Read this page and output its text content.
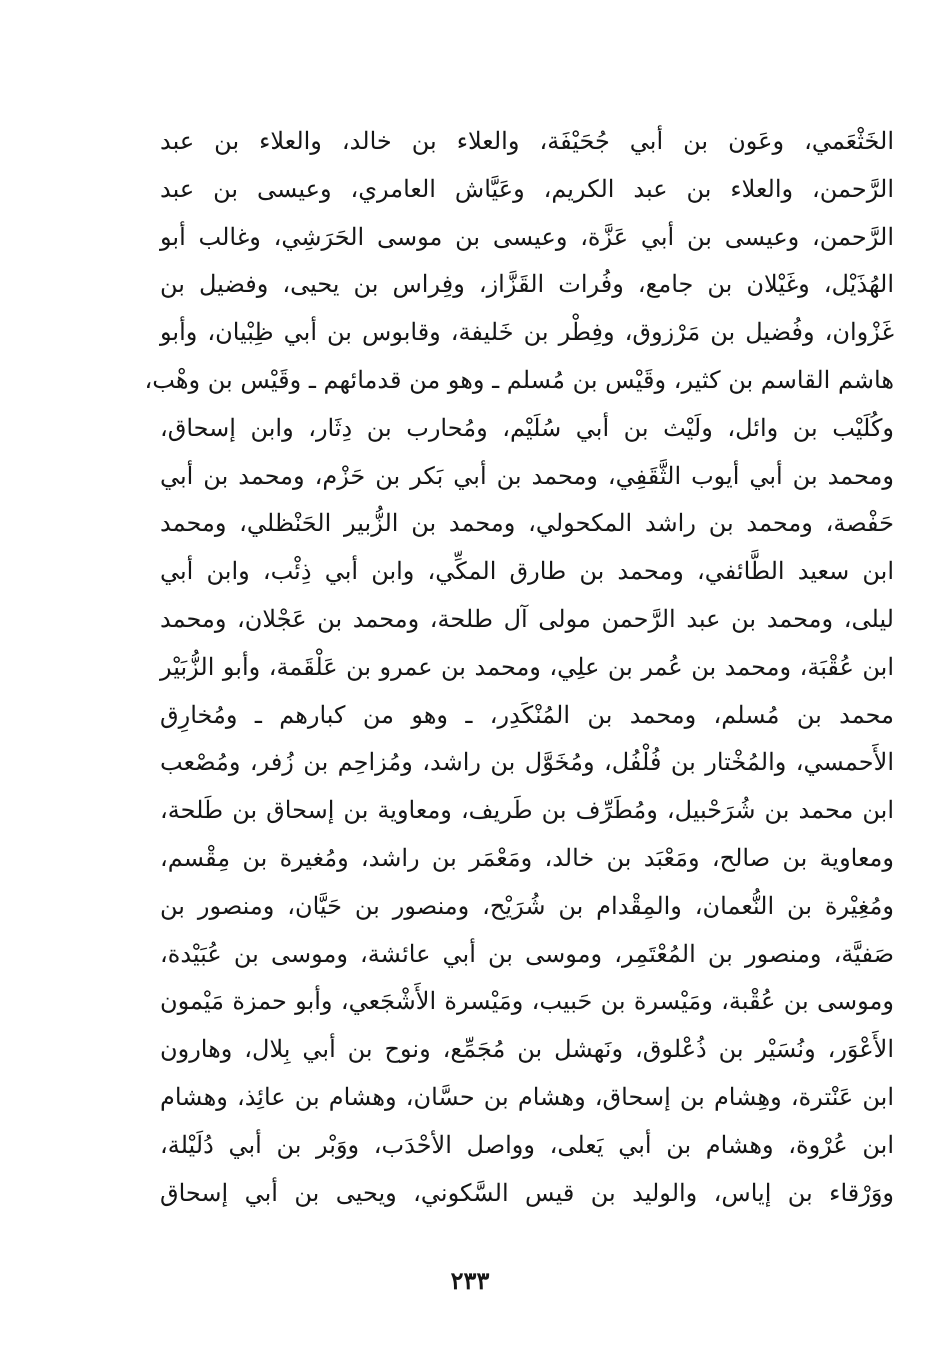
الخَثْعَمي، وعَون بن أبي جُحَيْفَة، والعلاء بن خالد، والعلاء بن عبد
الرَّحمن، والعلاء بن عبد الكريم، وعَيَّاش العامري، وعيسى بن عبد
الرَّحمن، وعيسى بن أبي عَزَّة، وعيسى بن موسى الحَرَشِي، وغالب أبو
الهُذَيْل، وغَيْلان بن جامع، وفُرات القَزَّاز، وفِراس بن يحيى، وفضيل بن
غَزْوان، وفُضيل بن مَرْزوق، وفِطْر بن خَليفة، وقابوس بن أبي ظِبْيان، وأبو
هاشم القاسم بن كثير، وقَيْس بن مُسلم ـ وهو من قدمائهم ـ وقَيْس بن وهْب،
وكُلَيْب بن وائل، ولَيْث بن أبي سُلَيْم، ومُحارب بن دِثَار، وابن إسحاق،
ومحمد بن أبي أيوب الثَّقَفِي، ومحمد بن أبي بَكر بن حَزْم، ومحمد بن أبي
حَفْصة، ومحمد بن راشد المكحولي، ومحمد بن الزُّبير الحَنْظلي، ومحمد
ابن سعيد الطَّائفي، ومحمد بن طارق المكِّي، وابن أبي ذِئْب، وابن أبي
ليلى، ومحمد بن عبد الرَّحمن مولى آل طلحة، ومحمد بن عَجْلان، ومحمد
ابن عُقْبَة، ومحمد بن عُمر بن علِي، ومحمد بن عمرو بن عَلْقَمة، وأبو الزُّبَيْر
محمد بن مُسلم، ومحمد بن المُنْكَدِر، ـ وهو من كبارهم ـ ومُخارِق
الأَحمسي، والمُخْتار بن فُلْفُل، ومُخَوَّل بن راشد، ومُزاحِم بن زُفر، ومُصْعب
ابن محمد بن شُرَحْبيل، ومُطَرِّف بن طَريف، ومعاوية بن إسحاق بن طَلحة،
ومعاوية بن صالح، ومَعْبَد بن خالد، ومَعْمَر بن راشد، ومُغيرة بن مِقْسم،
ومُغِيْرة بن النُّعمان، والمِقْدام بن شُرَيْح، ومنصور بن حَيَّان، ومنصور بن
صَفيَّة، ومنصور بن المُعْتَمِر، وموسى بن أبي عائشة، وموسى بن عُبَيْدة،
وموسى بن عُقْبة، ومَيْسرة بن حَبيب، ومَيْسرة الأَشْجَعي، وأبو حمزة مَيْمون
الأَعْوَر، ونُسَيْر بن ذُعْلوق، ونَهشل بن مُجَمِّع، ونوح بن أبي بِلال، وهارون
ابن عَنْترة، وهِشام بن إسحاق، وهشام بن حسَّان، وهشام بن عائِذ، وهشام
ابن عُرْوة، وهشام بن أبي يَعلى، وواصل الأحْدَب، ووَبْر بن أبي دُلَيْلة،
ووَرْقاء بن إياس، والوليد بن قيس السَّكوني، ويحيى بن أبي إسحاق
٢٣٣
